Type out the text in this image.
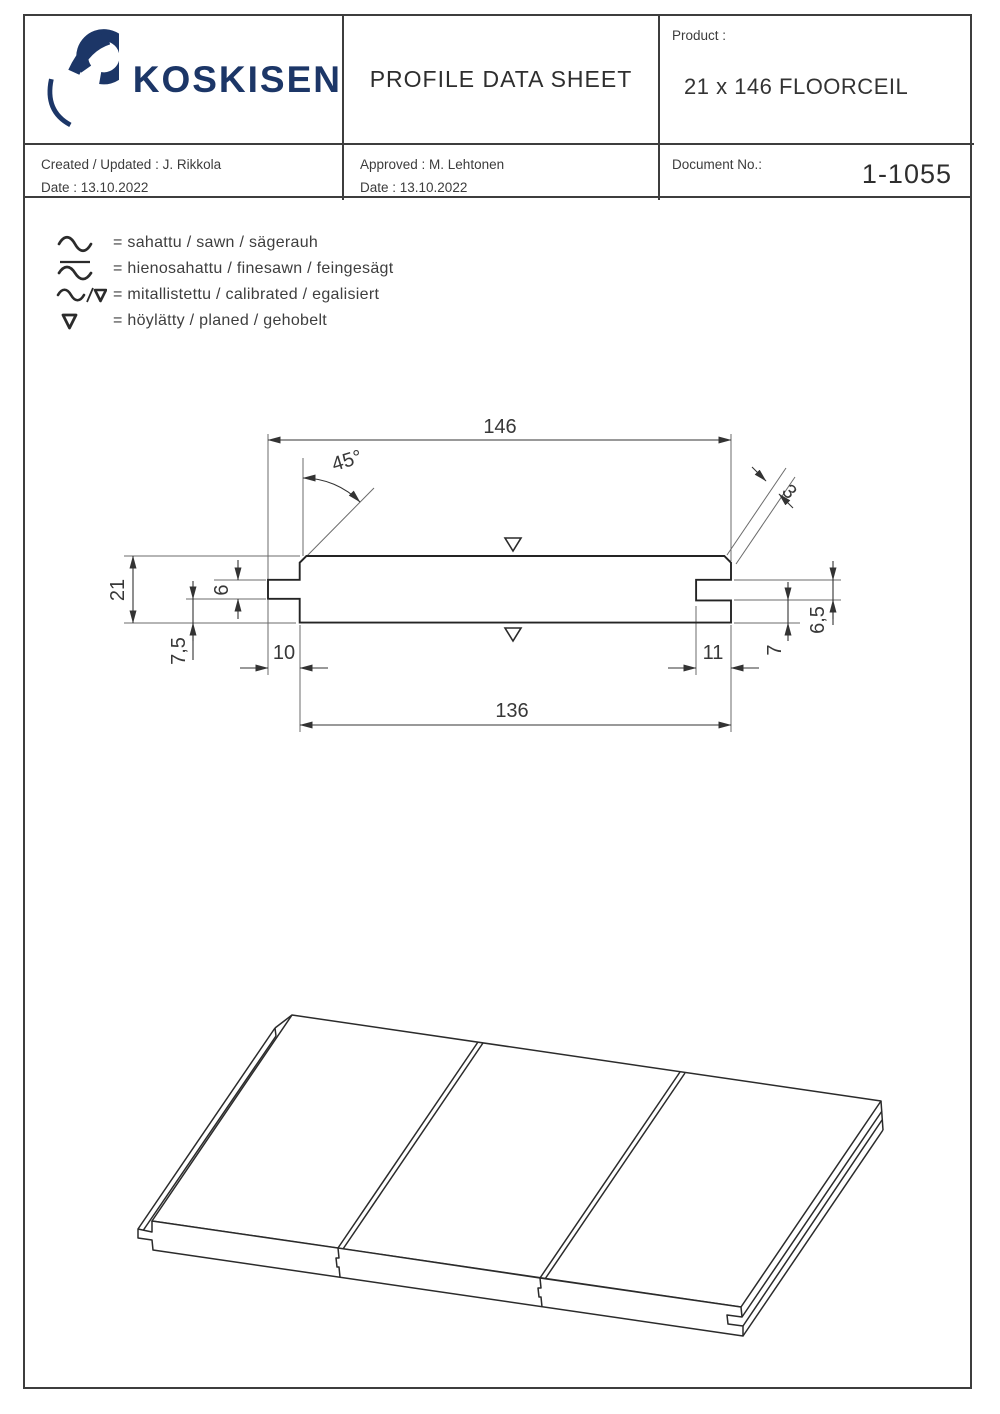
KOSKISEN PROFILE DATA SHEET
Product :
21 x 146 FLOORCEIL
Created / Updated : J. Rikkola
Date : 13.10.2022
Approved : M. Lehtonen
Date : 13.10.2022
Document No.:	1-1055
= sahattu / sawn / sägerauh
= hienosahattu / finesawn / feingesägt
= mitallistettu / calibrated / egalisiert
= höylätty / planed / gehobelt
146
45°
3
21	6
7,5	10	11
6,5
7
136
